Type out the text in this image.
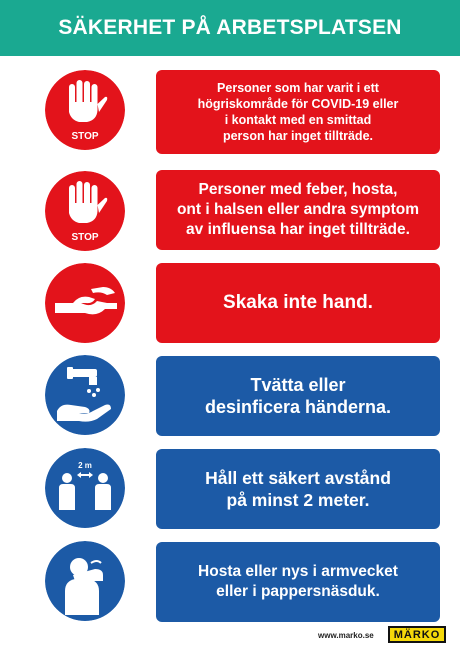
SÄKERHET PÅ ARBETSPLATSEN
STOP
Personer som har varit i ett
högriskområde för COVID-19 eller
i kontakt med en smittad
person har inget tillträde.
STOP
Personer med feber, hosta,
ont i halsen eller andra symptom
av influensa har inget tillträde.
Skaka inte hand.
Tvätta eller
desinficera händerna.
2 m
Håll ett säkert avstånd
på minst 2 meter.
Hosta eller nys i armvecket
eller i pappersnäsduk.
www.marko.se	MÄRKO
